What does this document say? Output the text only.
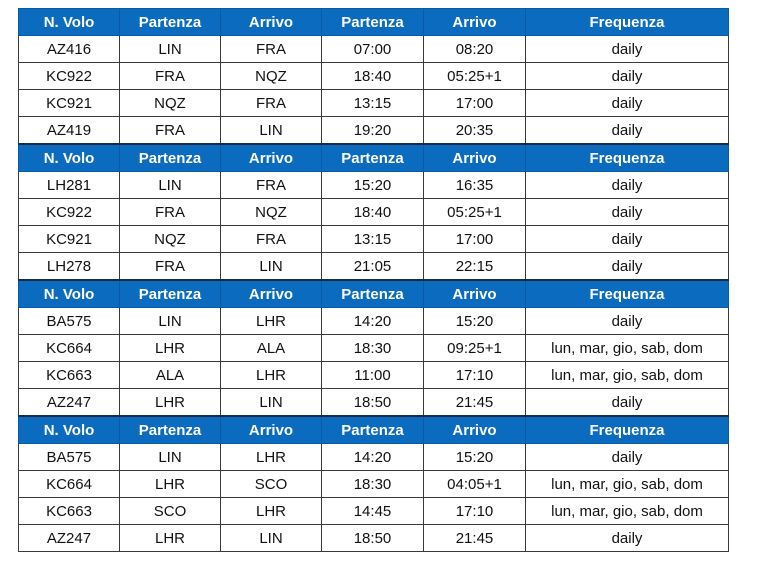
N. Volo	Partenza	Arrivo	Partenza	Arrivo	Frequenza
AZ416	LIN	FRA	07:00	08:20	daily
KC922	FRA	NQZ	18:40	05:25+1	daily
KC921	NQZ	FRA	13:15	17:00	daily
AZ419	FRA	LIN	19:20	20:35	daily
N. Volo	Partenza	Arrivo	Partenza	Arrivo	Frequenza
LH281	LIN	FRA	15:20	16:35	daily
KC922	FRA	NQZ	18:40	05:25+1	daily
KC921	NQZ	FRA	13:15	17:00	daily
LH278	FRA	LIN	21:05	22:15	daily
N. Volo	Partenza	Arrivo	Partenza	Arrivo	Frequenza
BA575	LIN	LHR	14:20	15:20	daily
KC664	LHR	ALA	18:30	09:25+1	lun, mar, gio, sab, dom
KC663	ALA	LHR	11:00	17:10	lun, mar, gio, sab, dom
AZ247	LHR	LIN	18:50	21:45	daily
N. Volo	Partenza	Arrivo	Partenza	Arrivo	Frequenza
BA575	LIN	LHR	14:20	15:20	daily
KC664	LHR	SCO	18:30	04:05+1	lun, mar, gio, sab, dom
KC663	SCO	LHR	14:45	17:10	lun, mar, gio, sab, dom
AZ247	LHR	LIN	18:50	21:45	daily
